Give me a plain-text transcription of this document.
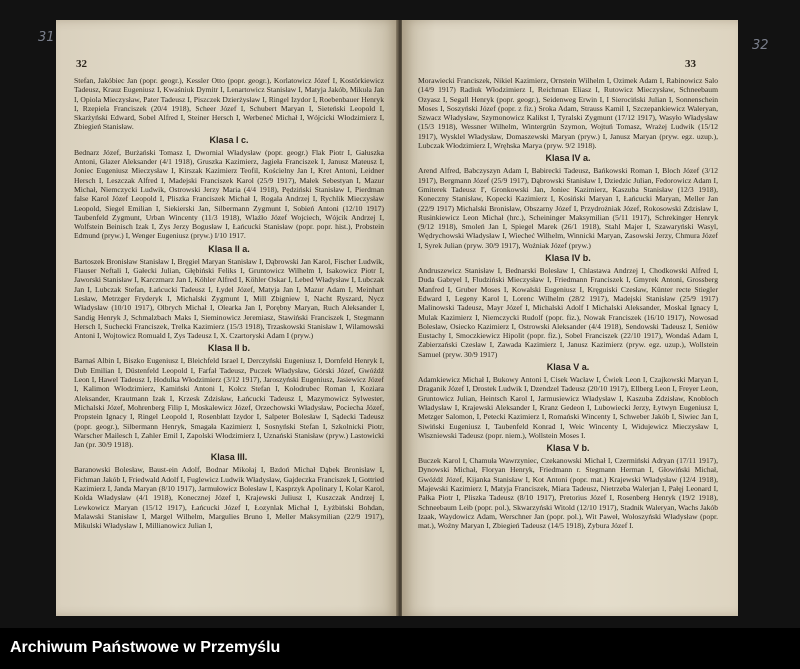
31
32
32

Stefan, Jakóbiec Jan (popr. geogr.), Kessler Otto (popr. geogr.), Korlatowicz Józef I, Kostörkiewicz Tadeusz, Krauz Eugeniusz I, Kwaśniuk Dymitr I, Lenartowicz Stanisław I, Matyja Jakób, Mikuła Jan I, Opiola Mieczysław, Pater Tadeusz I, Piszczek Dzierżysław I, Ringel Izydor I, Roebenbauer Henryk I, Rzepiela Franciszek (20/4 1918), Scheer Józef I, Schubert Maryan I, Sieteński Leopold I, Skarżyński Edward, Sobel Alfred I, Steiner Hersch I, Werbeneć Michał I, Wójcicki Włodzimierz I, Zbiegień Stanisław.

Klasa I c.

Bednarz Józef, Burżański Tomasz I, Dwornial Władysław (popr. geogr.) Flak Piotr I, Gałuszka Antoni, Glazer Aleksander (4/1 1918), Gruszka Kazimierz, Jagieła Franciszek I, Janusz Mateusz I, Joniec Eugeniusz Mieczysław I, Kirszak Kazimierz Teofil, Kościelny Jan I, Kret Antoni, Leidner Hersch I, Leszczak Alfred I, Madejski Franciszek Karol (25/9 1917), Małek Sebestyan I, Mazur Michał, Niemczycki Ludwik, Ostrowski Jerzy Maria (4/4 1918), Pędziński Stanisław I, Pierdman false Karol Józef Leopold I, Pliszka Franciszek Michał I, Rogala Andrzej I, Rychlik Mieczysław Leopold, Siegel Emilian I, Siekierski Jan, Silbermann Zygmunt I, Sobień Antoni (12/10 1917) Taubenfeld Zygmunt, Urban Wincenty (11/3 1918), Wlaźło Józef Wojciech, Wójcik Andrzej I, Wolfstein Beinisch Izak I, Zys Jerzy Bogusław I, Łańcucki Stanisław (popr. popr. hist.), Probstein Edmund (pryw.) I, Wenger Eugeniusz (pryw.) I/10 1917.

Klasa II a.

Bartoszek Bronisław Stanisław I, Bręgiel Maryan Stanisław I, Dąbrowski Jan Karol, Fischer Ludwik, Flauser Neftali I, Gałecki Julian, Głębiński Feliks I, Gruntowicz Wilhelm I, Isakowicz Piotr I, Jaworski Stanisław I, Karczmarz Jan I, Köhler Alfred I, Köhler Oskar I, Lebed Władysław I, Lubczak Jan I, Lubczak Stefan, Łańcucki Tadeusz I, Łydel Józef, Matyja Jan I, Mazur Adam I, Meinhart Lesław, Metrzger Fryderyk I, Michalski Zygmunt I, Mill Zbigniew I, Nacht Ryszard, Nycz Władysław (10/10 1917), Olbrych Michał I, Olearka Jan I, Porębny Maryan, Ruch Aleksander I, Sandig Henryk J, Schmalzbach Maks I, Sieminowicz Jeremiasz, Stawiński Franciszek I, Stegmann Hersch I, Suchecki Franciszek, Trelka Kazimierz (15/3 1918), Trzaskowski Stanisław I, Wilamowski Antoni I, Wojtowicz Romuald I, Zys Tadeusz I, X. Czartoryski Adam I (pryw.)

Klasa II b.

Barnaś Albin I, Biszko Eugeniusz I, Bleichfeld Israel I, Derczyński Eugeniusz I, Dornfeld Henryk I, Dub Emilian I, Düstenfeld Leopold I, Farfał Tadeusz, Puczek Władysław, Górski Józef, Gwóźdź Leon I, Hawel Tadeusz I, Hodulka Włodzimierz (3/12 1917), Jaroszyński Eugeniusz, Jasiewicz Józef I, Kalimon Włodzimierz, Kamiński Antoni I, Kołcz Stefan I, Kołodrubec Roman I, Koziara Aleksander, Krautmann Izak I, Krzesk Zdzisław, Łańcucki Tadeusz I, Mazymowicz Sylwester, Michalski Józef, Mohrenberg Filip I, Moskalewicz Józef, Orzechowski Władysław, Pociecha Józef, Propstein Ignacy I, Ringel Leopold I, Rosenblatt Izydor I, Salpeter Bolesław I, Sądecki Tadeusz (popr. geogr.), Silbermann Henryk, Smagała Kazimierz I, Sosnyński Stefan I, Szkolnicki Piotr, Warscher Mailesch I, Zahler Emil I, Zapolski Włodzimierz I, Uznański Stanisław (pryw.) Lastowicki Jan (pr. 30/9 1918).

Klasa III.

Baranowski Bolesław, Baust-ein Adolf, Bodnar Mikołaj I, Bzdoń Michał Dąbek Bronisław I, Fichman Jakób I, Friedwald Adolf I, Fuglewicz Ludwik Władysław, Gajdeczka Franciszek I, Gottried Kazimierz I, Janda Maryan (8/10 1917), Jarmułowicz Bolesław I, Kasprzyk Apolinary I, Kolar Karol, Kołda Władysław (4/1 1918), Konecznej Józef I, Krajewski Juliusz I, Kuszczak Andrzej I, Lewkowicz Maryan (15/12 1917), Łańcucki Józef I, Łozynlak Michał I, Łyżbiński Bohdan, Malawski Stanisław I, Margel Wilhelm, Margulies Bruno I, Meller Maksymilian (22/9 1917), Mikulski Władysław I, Millianowicz Julian I,

33

Morawiecki Franciszek, Nikiel Kazimierz, Ornstein Wilhelm I, Ozimek Adam I, Rabinowicz Salo (14/9 1917) Radiuk Włodzimierz I, Reichman Eliasz I, Rutowicz Mieczysław, Schneebaum Ozyasz I, Segall Henryk (popr. geogr.), Seidenweg Erwin I, I Sierociński Julian I, Sonnenschein Moses I, Soszyński Józef (popr. z fiz.) Sroka Adam, Strauss Kamil I, Szczepankiewicz Waleryan, Szwacz Władysław, Szymonowicz Kalikst I, Tyralski Zygmunt (17/12 1917), Wasyło Władysław (15/3 1918), Wessner Wilhelm, Wintergrün Szymon, Wojtuń Tomasz, Wrażej Ludwik (15/12 1917), Wysklel Władysław, Domaszewski Maryan (pryw.) I, Janusz Maryan (pryw. egz. uzup.), Lubczak Włodzimierz I, Wręhska Marya (pryw. 9/2 1918).

Klasa IV a.

Arend Alfred, Babczyszyn Adam I, Babirecki Tadeusz, Bańkowski Roman I, Bloch Józef (3/12 1917), Bergmann Józef (25/9 1917), Dąbrowski Stanisław I, Dziedzic Julian, Fedorowicz Adam I, Gmiterek Tadeusz I', Gronkowski Jan, Joniec Kazimierz, Kaszuba Stanisław (12/3 1918), Koneczny Stanisław, Kopecki Kazimierz I, Kosiński Maryan I, Łańcucki Maryan, Meller Jan (22/9 1917) Michalski Bronisław, Obszarny Józef I, Przydrożniak Józef, Rokosowski Zdzisław I, Rusinkiewicz Leon Michał (hrc.), Scheininger Maksymilian (5/11 1917), Schrekinger Henryk (9/12 1918), Smoleń Jan I, Spiegel Marek (26/1 1918), Stahl Majer I, Szawaryński Wasyl, Wędrychowski Władysław I, Wiecheć Wilhelm, Winnicki Maryan, Zasowski Jerzy, Chmura Józef I, Syrek Julian (pryw. 30/9 1917), Woźniak Józef (pryw.)

Klasa IV b.

Andruszewicz Stanisław I, Bednarski Bolesław I, Chlastawa Andrzej I, Chodkowski Alfred I, Duda Gabryel I, Fludziński Mieczysław I, Friedmann Franciszek I, Gmyrek Antoni, Grossberg Manfred I, Gruber Moses I, Kowalski Eugeniusz I, Kręguiski Czesław, Künter recte Stiegler Edward I, Legeny Karol I, Lorenc Wilhelm (28/2 1917), Madejski Stanisław (25/9 1917) Malinowski Tadeusz, Mayr Józef I, Michalski Adolf I Michalski Aleksander, Moskal Ignacy I, Mulak Kazimierz I, Niemczycki Rudolf (popr. fiz.), Nowak Franciszek (16/10 1917), Nowosad Bolesław, Osiecko Kazimierz I, Ostrowski Aleksander (4/4 1918), Sendowski Tadeusz I, Seniów Eustachy I, Smoczkiewicz Hipolit (popr. fiz.), Sobel Franciszek (22/10 1917), Wondaś Adam I, Zabierzański Czesław I, Zawada Kazimierz I, Janusz Kazimierz (pryw. egz. uzup.), Wollstein Samuel (pryw. 30/9 1917)

Klasa V a.

Adamkiewicz Michał I, Bukowy Antoni I, Cisek Wacław I, Ćwiek Leon I, Czajkowski Maryan I, Draganik Józef I, Drostek Ludwik I, Dzendzel Tadeusz (20/10 1917), Ellberg Leon I, Freyer Leon, Gruntowicz Julian, Heintsch Karol I, Jarmusiewicz Władysław I, Kaszuba Zdzisław, Knobloch Władysław I, Krajewski Aleksander I, Kranz Gedeon I, Lubowiecki Jerzy, Łytwyn Eugeniusz I, Metzger Salomon, I, Petecki Kazimierz I, Romański Wincenty I, Schweber Jakób I, Siwiec Jan I, Siwiński Eugeniusz I, Taubenfeld Konrad I, Weic Wincenty I, Widujewicz Mieczysław I, Wiszniewski Tadeusz (popr. niem.), Wollstein Moses I.

Klasa V b.

Buczek Karol I, Chamuła Wawrzyniec, Czekanowski Michał I, Czermiński Adryan (17/11 1917), Dynowski Michał, Floryan Henryk, Friedmann r. Stegmann Herman I, Głowiński Michał, Gwóźdź Józef, Kijanka Stanisław I, Kot Antoni (popr. mat.) Krajewski Władysław (12/4 1918), Majewski Kazimierz I, Matyja Franciszek, Miara Tadeusz, Nietrzeba Walerjan I, Pałęj Leonard I, Pałka Piotr I, Pliszka Tadeusz (8/10 1917), Pretorius Józef I, Rosenberg Henryk (19/2 1918), Schneebaum Leib (popr. pol.), Skwarzyński Witold (12/10 1917), Stadnik Waleryan, Wachs Jakób Izaak, Waydowicz Adam, Werschner Jan (popr. pol.), Wit Paweł, Wołoszyński Władysław (popr. mat.), Woźny Maryan I, Zbiegień Tadeusz (14/5 1918), Zybura Józef I.

Archiwum Państwowe w Przemyślu
